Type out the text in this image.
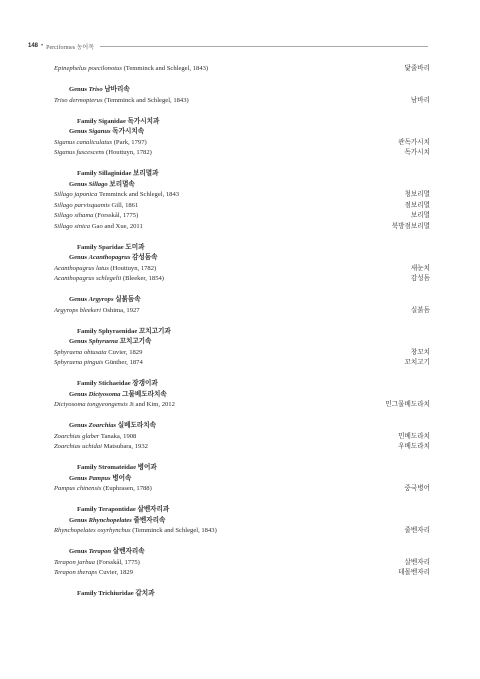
148 • Perciformes 농어목
Epinephelus poecilonotus (Temminck and Schlegel, 1843)	닻줄바리
Genus Triso 남바리속
Triso dermopterus (Temminck and Schlegel, 1843)	남바리
Family Siganidae 독가시치과
Genus Siganus 독가시치속
Siganus canaliculatus (Park, 1797)	관독가시치
Siganus fuscescens (Houttuyn, 1782)	독가시치
Family Sillaginidae 보리멸과
Genus Sillago 보리멸속
Sillago japonica Temminck and Schlegel, 1843	청보리멸
Sillago parvisquamis Gill, 1861	점보리멸
Sillago sihama (Forsskål, 1775)	보리멸
Sillago sinica Gao and Xue, 2011	북방점보리멸
Family Sparidae 도미과
Genus Acanthopagrus 감성돔속
Acanthopagrus latus (Houttuyn, 1782)	새눈치
Acanthopagrus schlegelii (Bleeker, 1854)	감성돔
Genus Argyrops 실붉돔속
Argyrops bleekeri Oshima, 1927	실붉돔
Family Sphyraenidae 꼬치고기과
Genus Sphyraena 꼬치고기속
Sphyraena obtusata Cuvier, 1829	창꼬치
Sphyraena pinguis Günther, 1874	꼬치고기
Family Stichaeidae 장갱이과
Genus Dictyosoma 그물베도라치속
Dictyosoma tongyeongensis Ji and Kim, 2012	민그물베도라치
Genus Zoarchias 실베도라치속
Zoarchias glaber Tanaka, 1908	민베도라치
Zoarchias uchidai Matsubara, 1932	우베도라치
Family Stromateidae 병어과
Genus Pampus 병어속
Pampus chinensis (Euphrasen, 1788)	중국병어
Family Terapontidae 살벤자리과
Genus Rhynchopelates 줄벤자리속
Rhynchopelates oxyrhynchus (Temminck and Schlegel, 1843)	줄벤자리
Genus Terapon 살벤자리속
Terapon jarbua (Forsskål, 1775)	살벤자리
Terapon theraps Cuvier, 1829	데몰벤자리
Family Trichiuridae 갈치과
